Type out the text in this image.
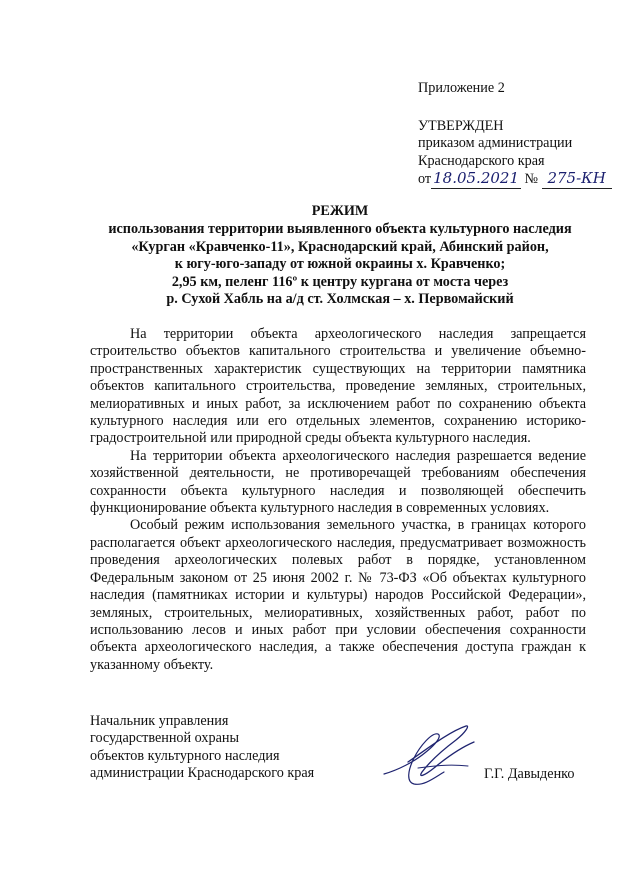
Приложение 2
УТВЕРЖДЕН
приказом администрации
Краснодарского края
от 18.05.2021 № 275-КН
РЕЖИМ
использования территории выявленного объекта культурного наследия
«Курган «Кравченко-11», Краснодарский край, Абинский район,
к югу-юго-западу от южной окраины х. Кравченко;
2,95 км, пеленг 116º к центру кургана от моста через
р. Сухой Хабль на а/д ст. Холмская – х. Первомайский

На территории объекта археологического наследия запрещается строительство объектов капитального строительства и увеличение объемно-пространственных характеристик существующих на территории памятника объектов капитального строительства, проведение земляных, строительных, мелиоративных и иных работ, за исключением работ по сохранению объекта культурного наследия или его отдельных элементов, сохранению историко-градостроительной или природной среды объекта культурного наследия.

На территории объекта археологического наследия разрешается ведение хозяйственной деятельности, не противоречащей требованиям обеспечения сохранности объекта культурного наследия и позволяющей обеспечить функционирование объекта культурного наследия в современных условиях.

Особый режим использования земельного участка, в границах которого располагается объект археологического наследия, предусматривает возможность проведения археологических полевых работ в порядке, установленном Федеральным законом от 25 июня 2002 г. № 73-ФЗ «Об объектах культурного наследия (памятниках истории и культуры) народов Российской Федерации», земляных, строительных, мелиоративных, хозяйственных работ, работ по использованию лесов и иных работ при условии обеспечения сохранности объекта археологического наследия, а также обеспечения доступа граждан к указанному объекту.

Начальник управления
государственной охраны
объектов культурного наследия
администрации Краснодарского края	Г.Г. Давыденко
